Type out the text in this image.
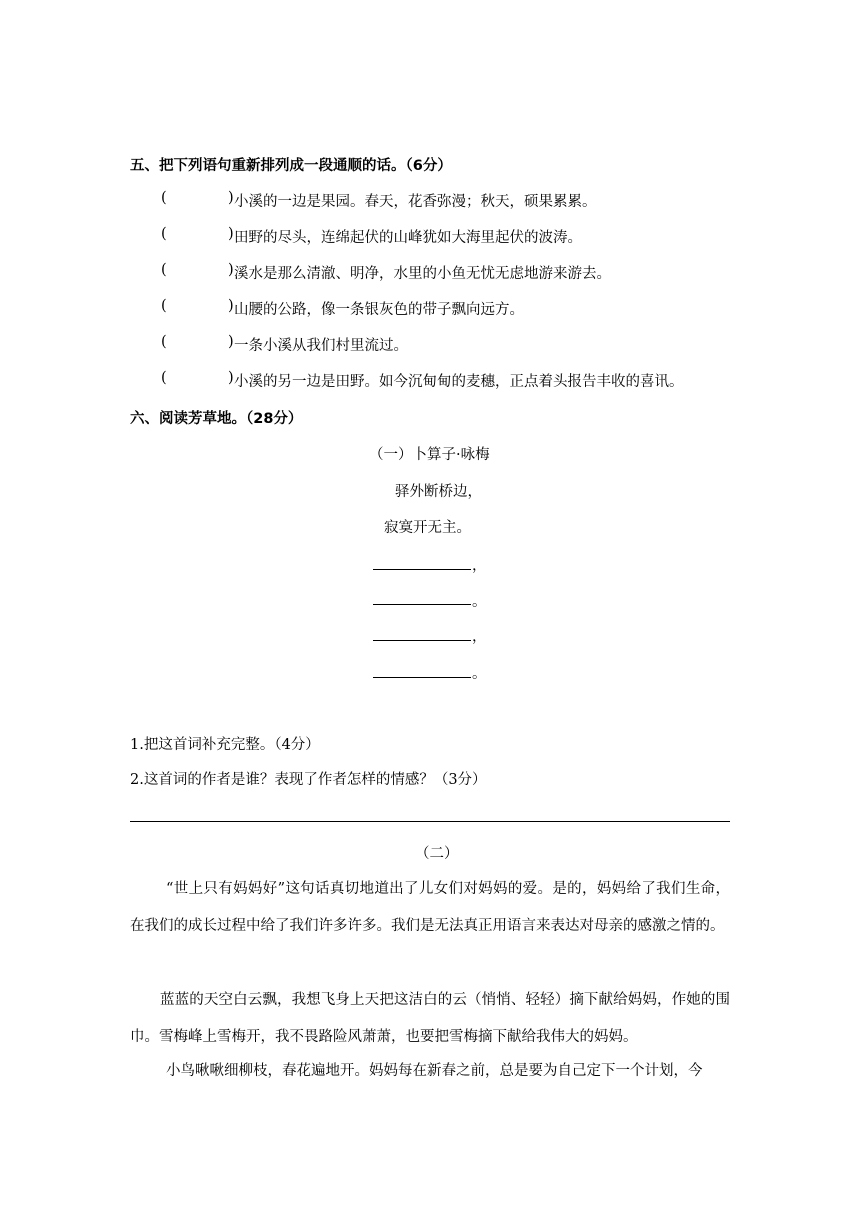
五、把下列语句重新排列成一段通顺的话。（6分）
(	) 小溪的一边是果园。春天，花香弥漫；秋天，硕果累累。
(	) 田野的尽头，连绵起伏的山峰犹如大海里起伏的波涛。
(	) 溪水是那么清澈、明净，水里的小鱼无忧无虑地游来游去。
(	) 山腰的公路，像一条银灰色的带子飘向远方。
(	) 一条小溪从我们村里流过。
(	) 小溪的另一边是田野。如今沉甸甸的麦穗，正点着头报告丰收的喜讯。
六、阅读芳草地。（28分）
（一）卜算子·咏梅
驿外断桥边，
寂寞开无主。
，
。
，
。
1.把这首词补充完整。（4分）
2.这首词的作者是谁？表现了作者怎样的情感？（3分）
（二）
“世上只有妈妈好”这句话真切地道出了儿女们对妈妈的爱。是的，妈妈给了我们生命，在我们的成长过程中给了我们许多许多。我们是无法真正用语言来表达对母亲的感激之情的。
蓝蓝的天空白云飘，我想飞身上天把这洁白的云（悄悄、轻轻）摘下献给妈妈，作她的围巾。雪梅峰上雪梅开，我不畏路险风萧萧，也要把雪梅摘下献给我伟大的妈妈。
小鸟啾啾细柳枝，春花遍地开。妈妈每在新春之前，总是要为自己定下一个计划，今
